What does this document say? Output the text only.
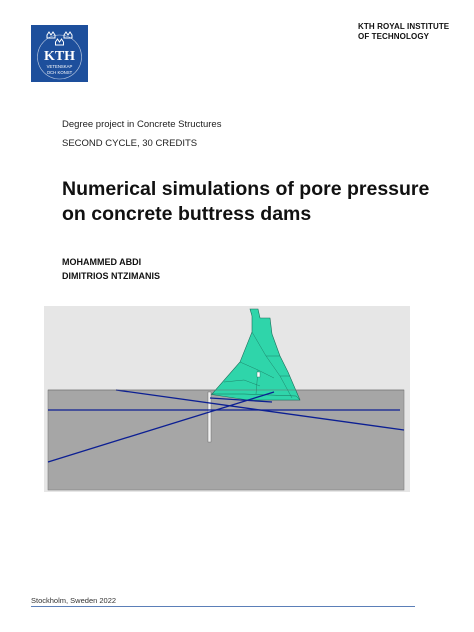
KTH
VETENSKAP
OCH KONST
KTH ROYAL INSTITUTE
OF TECHNOLOGY
Degree project in Concrete Structures
SECOND CYCLE, 30 CREDITS
Numerical simulations of pore pressure on concrete buttress dams
MOHAMMED ABDI
DIMITRIOS NTZIMANIS
Stockholm, Sweden 2022
